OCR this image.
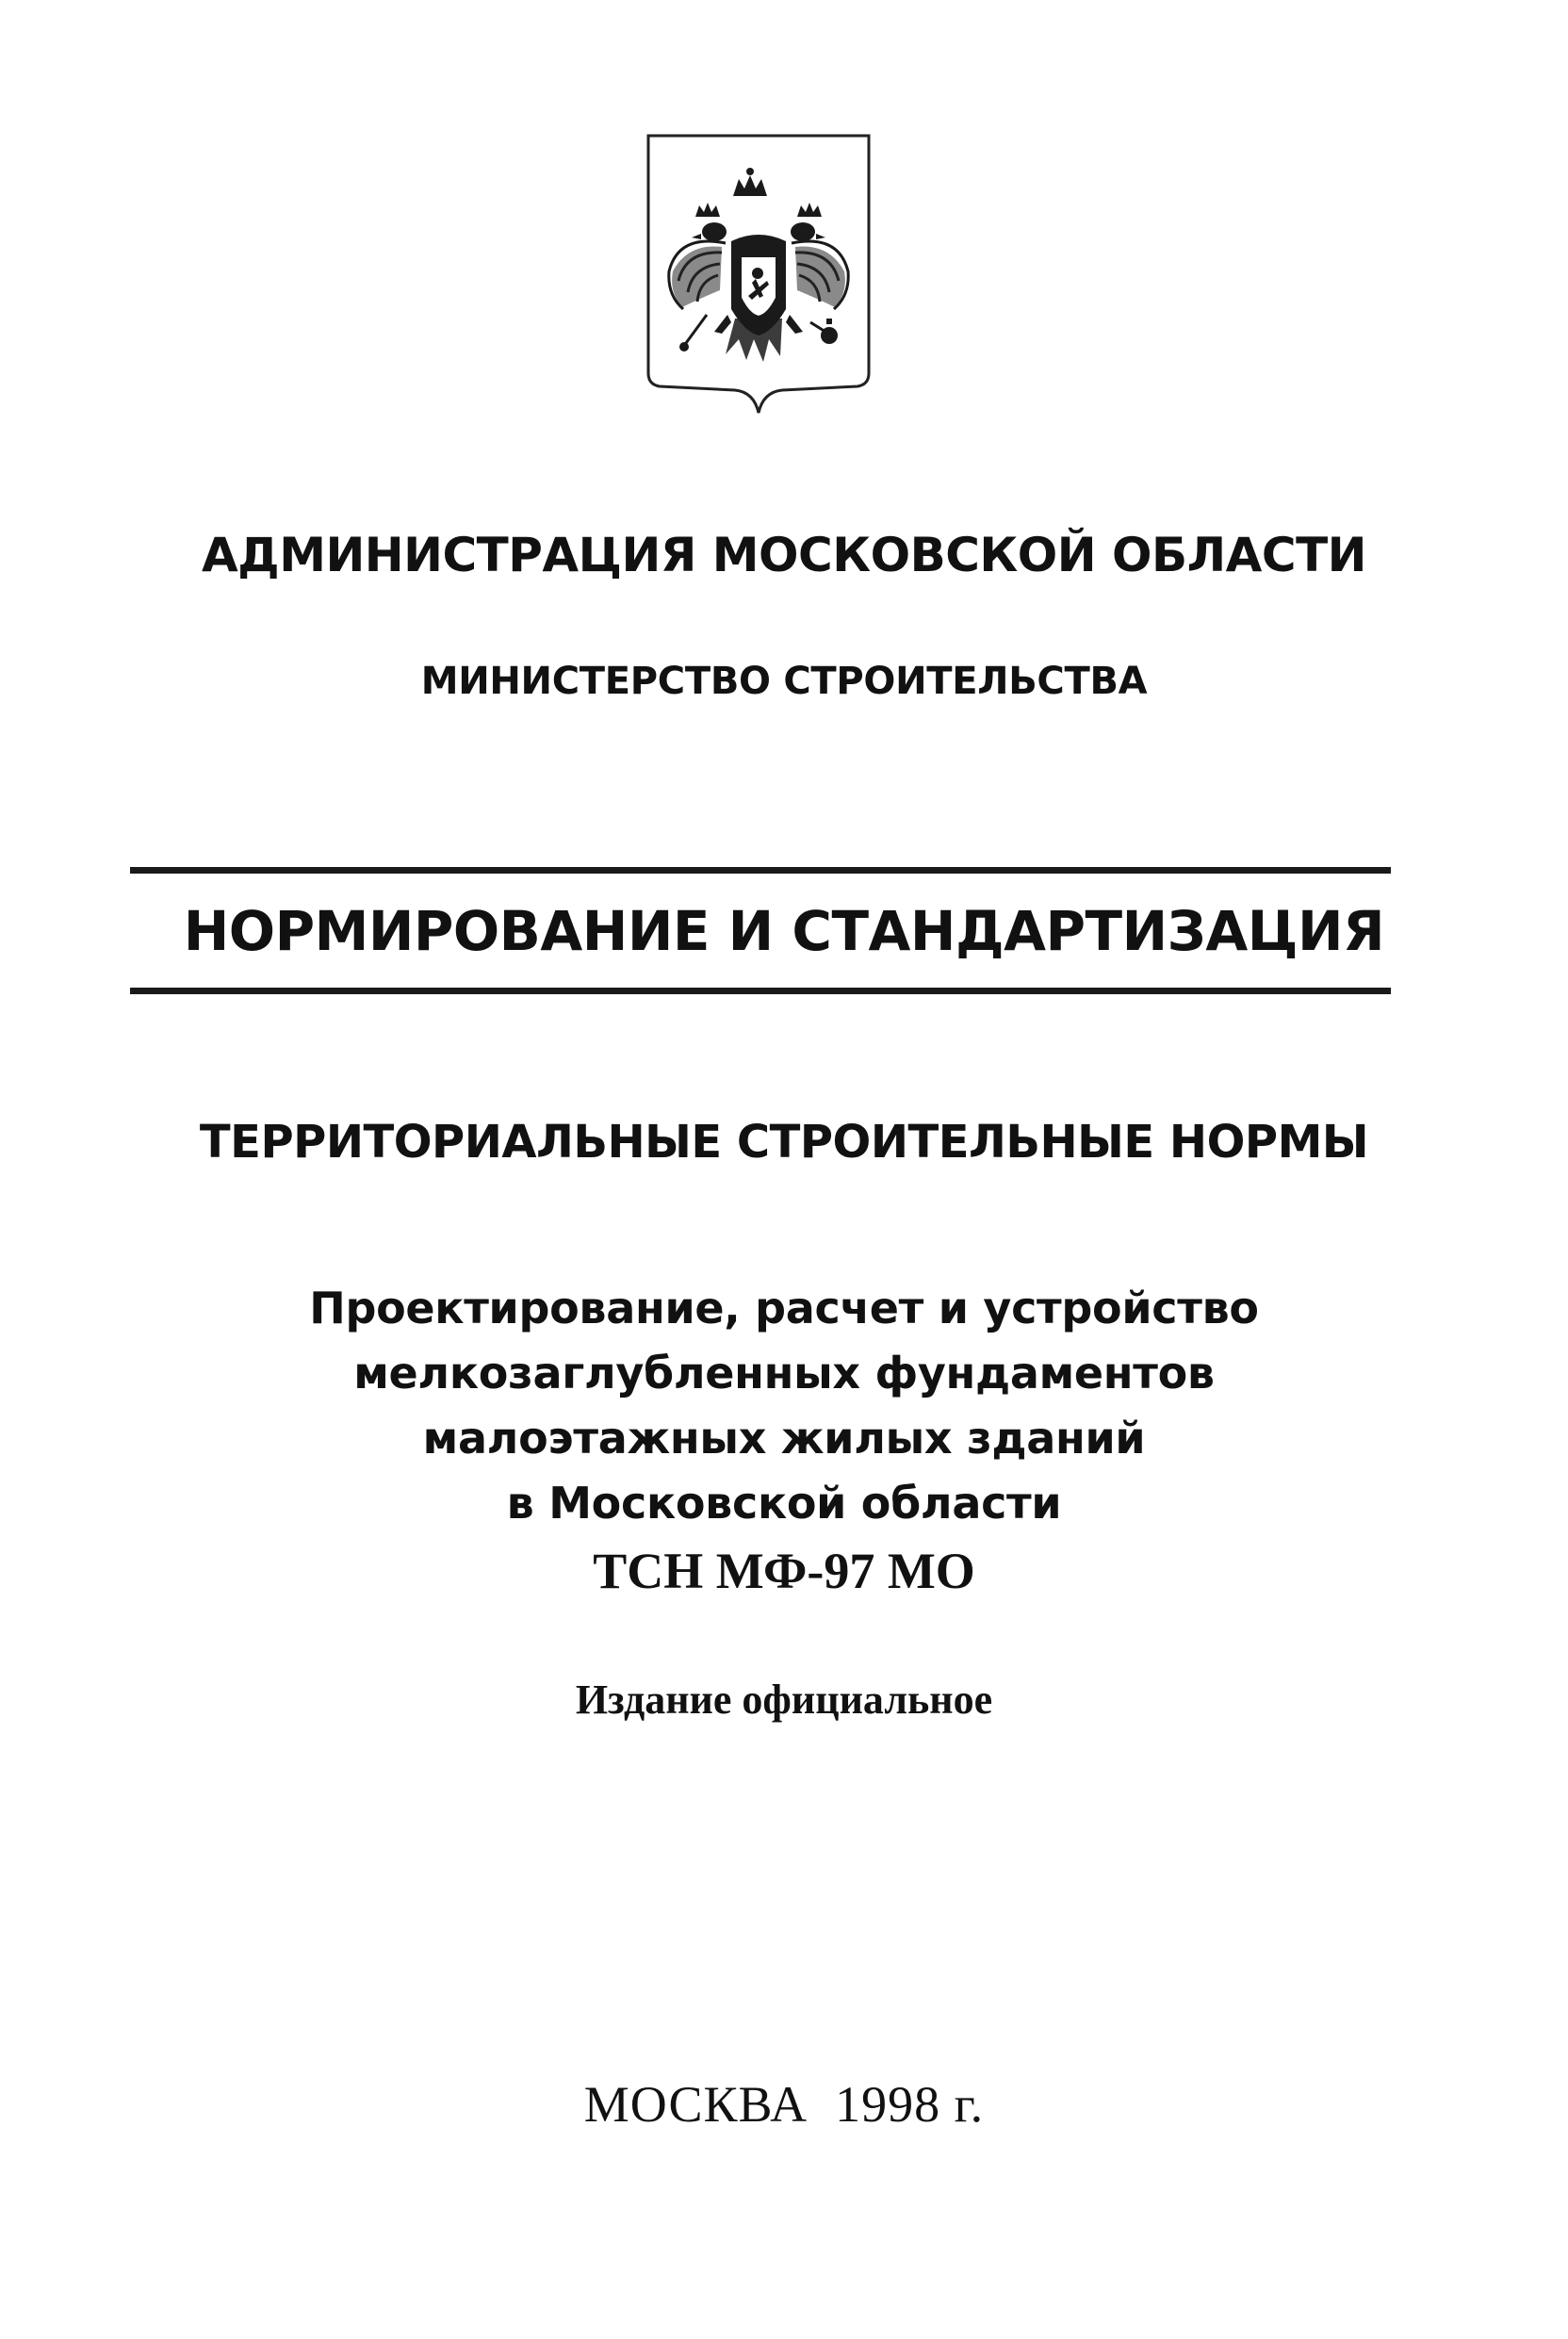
АДМИНИСТРАЦИЯ МОСКОВСКОЙ ОБЛАСТИ
МИНИСТЕРСТВО СТРОИТЕЛЬСТВА
НОРМИРОВАНИЕ И СТАНДАРТИЗАЦИЯ
ТЕРРИТОРИАЛЬНЫЕ СТРОИТЕЛЬНЫЕ НОРМЫ
Проектирование, расчет и устройство
мелкозаглубленных фундаментов
малоэтажных жилых зданий
в Московской области
ТСН МФ-97 МО
Издание официальное
МОСКВА  1998 г.
